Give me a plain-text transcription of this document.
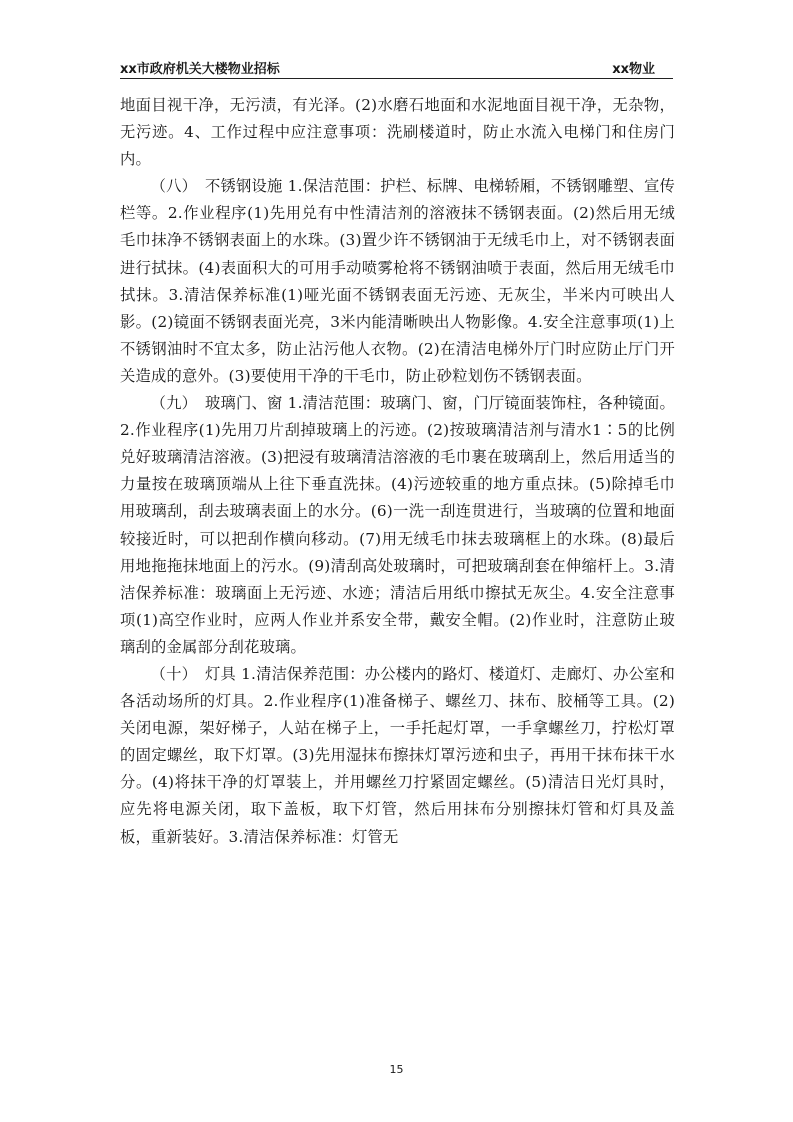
xx市政府机关大楼物业招标	xx物业

地面目视干净，无污渍，有光泽。(2)水磨石地面和水泥地面目视干净，无杂物，无污迹。4、工作过程中应注意事项：洗刷楼道时，防止水流入电梯门和住房门内。

（八）　不锈钢设施 1.保洁范围：护栏、标牌、电梯轿厢，不锈钢雕塑、宣传栏等。2.作业程序(1)先用兑有中性清洁剂的溶液抹不锈钢表面。(2)然后用无绒毛巾抹净不锈钢表面上的水珠。(3)置少许不锈钢油于无绒毛巾上，对不锈钢表面进行拭抹。(4)表面积大的可用手动喷雾枪将不锈钢油喷于表面，然后用无绒毛巾拭抹。3.清洁保养标准(1)哑光面不锈钢表面无污迹、无灰尘，半米内可映出人影。(2)镜面不锈钢表面光亮，3米内能清晰映出人物影像。4.安全注意事项(1)上不锈钢油时不宜太多，防止沾污他人衣物。(2)在清洁电梯外厅门时应防止厅门开关造成的意外。(3)要使用干净的干毛巾，防止砂粒划伤不锈钢表面。

（九）　玻璃门、窗 1.清洁范围：玻璃门、窗，门厅镜面装饰柱，各种镜面。2.作业程序(1)先用刀片刮掉玻璃上的污迹。(2)按玻璃清洁剂与清水1∶5的比例兑好玻璃清洁溶液。(3)把浸有玻璃清洁溶液的毛巾裹在玻璃刮上，然后用适当的力量按在玻璃顶端从上往下垂直洗抹。(4)污迹较重的地方重点抹。(5)除掉毛巾用玻璃刮，刮去玻璃表面上的水分。(6)一洗一刮连贯进行，当玻璃的位置和地面较接近时，可以把刮作横向移动。(7)用无绒毛巾抹去玻璃框上的水珠。(8)最后用地拖拖抹地面上的污水。(9)清刮高处玻璃时，可把玻璃刮套在伸缩杆上。3.清洁保养标准：玻璃面上无污迹、水迹；清洁后用纸巾擦拭无灰尘。4.安全注意事项(1)高空作业时，应两人作业并系安全带，戴安全帽。(2)作业时，注意防止玻璃刮的金属部分刮花玻璃。

（十）　灯具 1.清洁保养范围：办公楼内的路灯、楼道灯、走廊灯、办公室和各活动场所的灯具。2.作业程序(1)准备梯子、螺丝刀、抹布、胶桶等工具。(2)关闭电源，架好梯子，人站在梯子上，一手托起灯罩，一手拿螺丝刀，拧松灯罩的固定螺丝，取下灯罩。(3)先用湿抹布擦抹灯罩污迹和虫子，再用干抹布抹干水分。(4)将抹干净的灯罩装上，并用螺丝刀拧紧固定螺丝。(5)清洁日光灯具时，应先将电源关闭，取下盖板，取下灯管，然后用抹布分别擦抹灯管和灯具及盖板，重新装好。3.清洁保养标准：灯管无

15
